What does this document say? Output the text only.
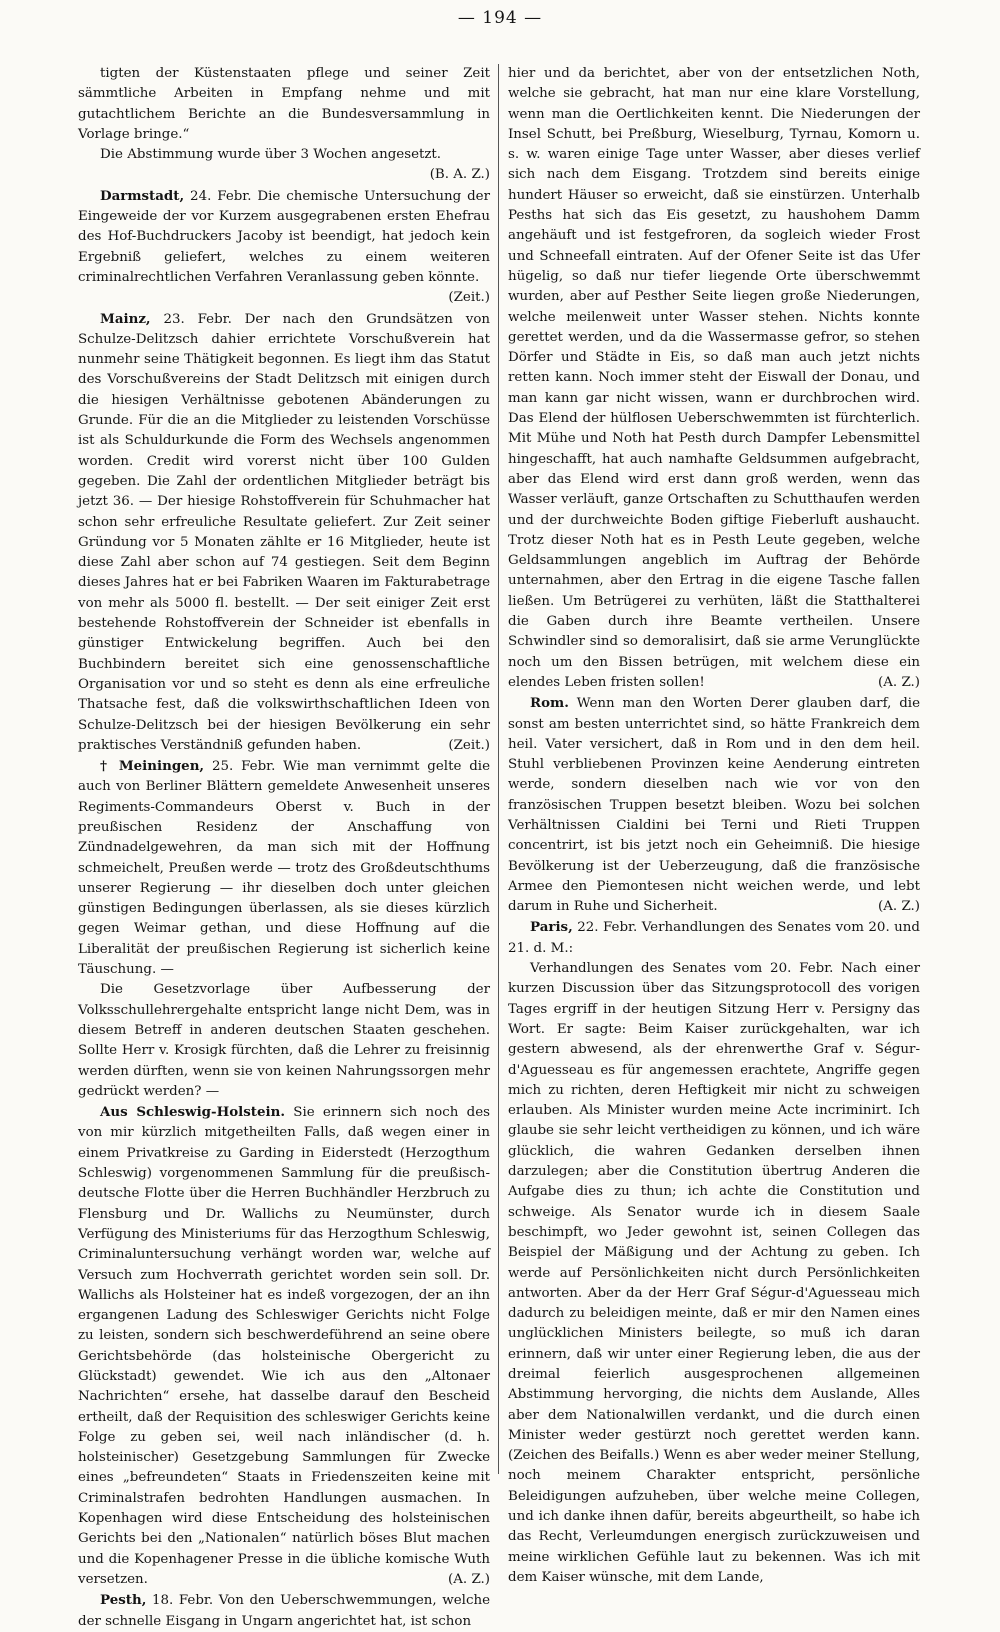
— 194 —

tigten der Küstenstaaten pflege und seiner Zeit sämmtliche Arbeiten in Empfang nehme und mit gutachtlichem Berichte an die Bundesversammlung in Vorlage bringe.“

Die Abstimmung wurde über 3 Wochen angesetzt.

(B. A. Z.)

Darmstadt, 24. Febr. Die chemische Untersuchung der Eingeweide der vor Kurzem ausgegrabenen ersten Ehefrau des Hof-Buchdruckers Jacoby ist beendigt, hat jedoch kein Ergebniß geliefert, welches zu einem weiteren criminalrechtlichen Verfahren Veranlassung geben könnte.
(Zeit.)

Mainz, 23. Febr. Der nach den Grundsätzen von Schulze-Delitzsch dahier errichtete Vorschußverein hat nunmehr seine Thätigkeit begonnen. Es liegt ihm das Statut des Vorschußvereins der Stadt Delitzsch mit einigen durch die hiesigen Verhältnisse gebotenen Abänderungen zu Grunde. Für die an die Mitglieder zu leistenden Vorschüsse ist als Schuldurkunde die Form des Wechsels angenommen worden. Credit wird vorerst nicht über 100 Gulden gegeben. Die Zahl der ordentlichen Mitglieder beträgt bis jetzt 36. — Der hiesige Rohstoffverein für Schuhmacher hat schon sehr erfreuliche Resultate geliefert. Zur Zeit seiner Gründung vor 5 Monaten zählte er 16 Mitglieder, heute ist diese Zahl aber schon auf 74 gestiegen. Seit dem Beginn dieses Jahres hat er bei Fabriken Waaren im Fakturabetrage von mehr als 5000 fl. bestellt. — Der seit einiger Zeit erst bestehende Rohstoffverein der Schneider ist ebenfalls in günstiger Entwickelung begriffen. Auch bei den Buchbindern bereitet sich eine genossenschaftliche Organisation vor und so steht es denn als eine erfreuliche Thatsache fest, daß die volkswirthschaftlichen Ideen von Schulze-Delitzsch bei der hiesigen Bevölkerung ein sehr praktisches Verständniß gefunden haben.	(Zeit.)

† Meiningen, 25. Febr. Wie man vernimmt gelte die auch von Berliner Blättern gemeldete Anwesenheit unseres Regiments-Commandeurs Oberst v. Buch in der preußischen Residenz der Anschaffung von Zündnadelgewehren, da man sich mit der Hoffnung schmeichelt, Preußen werde — trotz des Großdeutschthums unserer Regierung — ihr dieselben doch unter gleichen günstigen Bedingungen überlassen, als sie dieses kürzlich gegen Weimar gethan, und diese Hoffnung auf die Liberalität der preußischen Regierung ist sicherlich keine Täuschung. —

Die Gesetzvorlage über Aufbesserung der Volksschullehrergehalte entspricht lange nicht Dem, was in diesem Betreff in anderen deutschen Staaten geschehen. Sollte Herr v. Krosigk fürchten, daß die Lehrer zu freisinnig werden dürften, wenn sie von keinen Nahrungssorgen mehr gedrückt werden? —

Aus Schleswig-Holstein. Sie erinnern sich noch des von mir kürzlich mitgetheilten Falls, daß wegen einer in einem Privatkreise zu Garding in Eiderstedt (Herzogthum Schleswig) vorgenommenen Sammlung für die preußisch-deutsche Flotte über die Herren Buchhändler Herzbruch zu Flensburg und Dr. Wallichs zu Neumünster, durch Verfügung des Ministeriums für das Herzogthum Schleswig, Criminaluntersuchung verhängt worden war, welche auf Versuch zum Hochverrath gerichtet worden sein soll. Dr. Wallichs als Holsteiner hat es indeß vorgezogen, der an ihn ergangenen Ladung des Schleswiger Gerichts nicht Folge zu leisten, sondern sich beschwerdeführend an seine obere Gerichtsbehörde (das holsteinische Obergericht zu Glückstadt) gewendet. Wie ich aus den „Altonaer Nachrichten“ ersehe, hat dasselbe darauf den Bescheid ertheilt, daß der Requisition des schleswiger Gerichts keine Folge zu geben sei, weil nach inländischer (d. h. holsteinischer) Gesetzgebung Sammlungen für Zwecke eines „befreundeten“ Staats in Friedenszeiten keine mit Criminalstrafen bedrohten Handlungen ausmachen. In Kopenhagen wird diese Entscheidung des holsteinischen Gerichts bei den „Nationalen“ natürlich böses Blut machen und die Kopenhagener Presse in die übliche komische Wuth versetzen.	(A. Z.)

Pesth, 18. Febr. Von den Ueberschwemmungen, welche der schnelle Eisgang in Ungarn angerichtet hat, ist schon

hier und da berichtet, aber von der entsetzlichen Noth, welche sie gebracht, hat man nur eine klare Vorstellung, wenn man die Oertlichkeiten kennt. Die Niederungen der Insel Schutt, bei Preßburg, Wieselburg, Tyrnau, Komorn u. s. w. waren einige Tage unter Wasser, aber dieses verlief sich nach dem Eisgang. Trotzdem sind bereits einige hundert Häuser so erweicht, daß sie einstürzen. Unterhalb Pesths hat sich das Eis gesetzt, zu haushohem Damm angehäuft und ist festgefroren, da sogleich wieder Frost und Schneefall eintraten. Auf der Ofener Seite ist das Ufer hügelig, so daß nur tiefer liegende Orte überschwemmt wurden, aber auf Pesther Seite liegen große Niederungen, welche meilenweit unter Wasser stehen. Nichts konnte gerettet werden, und da die Wassermasse gefror, so stehen Dörfer und Städte in Eis, so daß man auch jetzt nichts retten kann. Noch immer steht der Eiswall der Donau, und man kann gar nicht wissen, wann er durchbrochen wird. Das Elend der hülflosen Ueberschwemmten ist fürchterlich. Mit Mühe und Noth hat Pesth durch Dampfer Lebensmittel hingeschafft, hat auch namhafte Geldsummen aufgebracht, aber das Elend wird erst dann groß werden, wenn das Wasser verläuft, ganze Ortschaften zu Schutthaufen werden und der durchweichte Boden giftige Fieberluft aushaucht. Trotz dieser Noth hat es in Pesth Leute gegeben, welche Geldsammlungen angeblich im Auftrag der Behörde unternahmen, aber den Ertrag in die eigene Tasche fallen ließen. Um Betrügerei zu verhüten, läßt die Statthalterei die Gaben durch ihre Beamte vertheilen. Unsere Schwindler sind so demoralisirt, daß sie arme Verunglückte noch um den Bissen betrügen, mit welchem diese ein elendes Leben fristen sollen!	(A. Z.)

Rom. Wenn man den Worten Derer glauben darf, die sonst am besten unterrichtet sind, so hätte Frankreich dem heil. Vater versichert, daß in Rom und in den dem heil. Stuhl verbliebenen Provinzen keine Aenderung eintreten werde, sondern dieselben nach wie vor von den französischen Truppen besetzt bleiben. Wozu bei solchen Verhältnissen Cialdini bei Terni und Rieti Truppen concentrirt, ist bis jetzt noch ein Geheimniß. Die hiesige Bevölkerung ist der Ueberzeugung, daß die französische Armee den Piemontesen nicht weichen werde, und lebt darum in Ruhe und Sicherheit.	(A. Z.)

Paris, 22. Febr. Verhandlungen des Senates vom 20. und 21. d. M.:

Verhandlungen des Senates vom 20. Febr. Nach einer kurzen Discussion über das Sitzungsprotocoll des vorigen Tages ergriff in der heutigen Sitzung Herr v. Persigny das Wort. Er sagte: Beim Kaiser zurückgehalten, war ich gestern abwesend, als der ehrenwerthe Graf v. Ségur-d'Aguesseau es für angemessen erachtete, Angriffe gegen mich zu richten, deren Heftigkeit mir nicht zu schweigen erlauben. Als Minister wurden meine Acte incriminirt. Ich glaube sie sehr leicht vertheidigen zu können, und ich wäre glücklich, die wahren Gedanken derselben ihnen darzulegen; aber die Constitution übertrug Anderen die Aufgabe dies zu thun; ich achte die Constitution und schweige. Als Senator wurde ich in diesem Saale beschimpft, wo Jeder gewohnt ist, seinen Collegen das Beispiel der Mäßigung und der Achtung zu geben. Ich werde auf Persönlichkeiten nicht durch Persönlichkeiten antworten. Aber da der Herr Graf Ségur-d'Aguesseau mich dadurch zu beleidigen meinte, daß er mir den Namen eines unglücklichen Ministers beilegte, so muß ich daran erinnern, daß wir unter einer Regierung leben, die aus der dreimal feierlich ausgesprochenen allgemeinen Abstimmung hervorging, die nichts dem Auslande, Alles aber dem Nationalwillen verdankt, und die durch einen Minister weder gestürzt noch gerettet werden kann. (Zeichen des Beifalls.) Wenn es aber weder meiner Stellung, noch meinem Charakter entspricht, persönliche Beleidigungen aufzuheben, über welche meine Collegen, und ich danke ihnen dafür, bereits abgeurtheilt, so habe ich das Recht, Verleumdungen energisch zurückzuweisen und meine wirklichen Gefühle laut zu bekennen. Was ich mit dem Kaiser wünsche, mit dem Lande,
